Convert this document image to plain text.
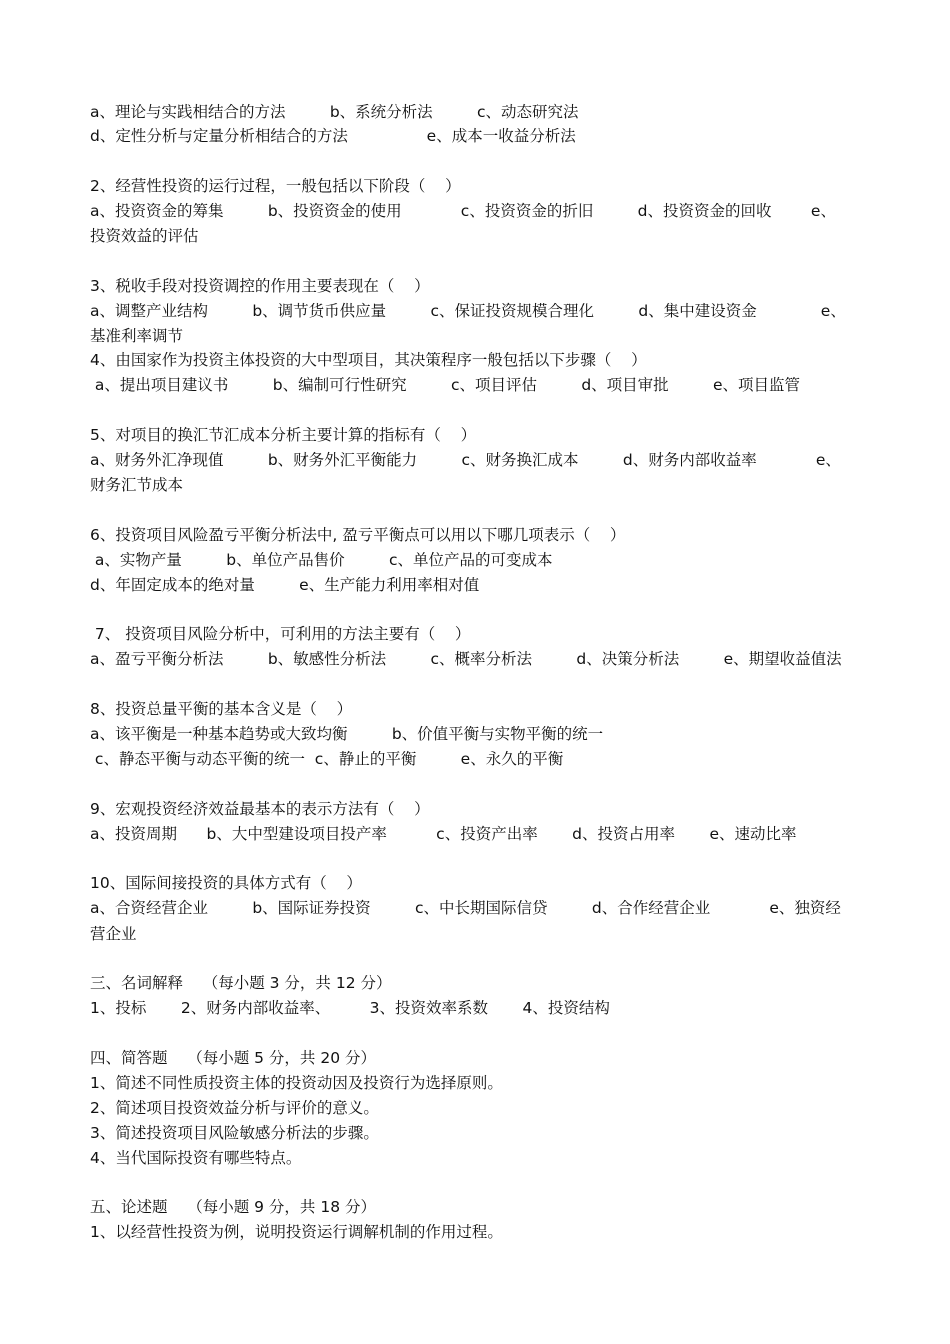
a、理论与实践相结合的方法         b、系统分析法         c、动态研究法
d、定性分析与定量分析相结合的方法                e、成本一收益分析法
2、经营性投资的运行过程，一般包括以下阶段（    ）
a、投资资金的筹集         b、投资资金的使用            c、投资资金的折旧         d、投资资金的回收        e、
投资效益的评估
3、税收手段对投资调控的作用主要表现在（    ）
a、调整产业结构         b、调节货币供应量         c、保证投资规模合理化         d、集中建设资金             e、
基准利率调节
4、由国家作为投资主体投资的大中型项目，其决策程序一般包括以下步骤（    ）
a、提出项目建议书         b、编制可行性研究         c、项目评估         d、项目审批         e、项目监管
5、对项目的换汇节汇成本分析主要计算的指标有（    ）
a、财务外汇净现值         b、财务外汇平衡能力         c、财务换汇成本         d、财务内部收益率            e、
财务汇节成本
6、投资项目风险盈亏平衡分析法中, 盈亏平衡点可以用以下哪几项表示（    ）
a、实物产量         b、单位产品售价         c、单位产品的可变成本
d、年固定成本的绝对量         e、生产能力利用率相对值
7、 投资项目风险分析中，可利用的方法主要有（    ）
a、盈亏平衡分析法         b、敏感性分析法         c、概率分析法         d、决策分析法         e、期望收益值法
8、投资总量平衡的基本含义是（    ）
a、该平衡是一种基本趋势或大致均衡         b、价值平衡与实物平衡的统一
c、静态平衡与动态平衡的统一  c、静止的平衡         e、永久的平衡
9、宏观投资经济效益最基本的表示方法有（    ）
a、投资周期      b、大中型建设项目投产率          c、投资产出率       d、投资占用率       e、速动比率
10、国际间接投资的具体方式有（    ）
a、合资经营企业         b、国际证券投资         c、中长期国际信贷         d、合作经营企业            e、独资经
营企业
三、名词解释    （每小题 3 分，共 12 分）
1、投标       2、财务内部收益率、        3、投资效率系数       4、投资结构
四、简答题    （每小题 5 分，共 20 分）
1、简述不同性质投资主体的投资动因及投资行为选择原则。
2、简述项目投资效益分析与评价的意义。
3、简述投资项目风险敏感分析法的步骤。
4、当代国际投资有哪些特点。
五、论述题    （每小题 9 分，共 18 分）
1、以经营性投资为例，说明投资运行调解机制的作用过程。
